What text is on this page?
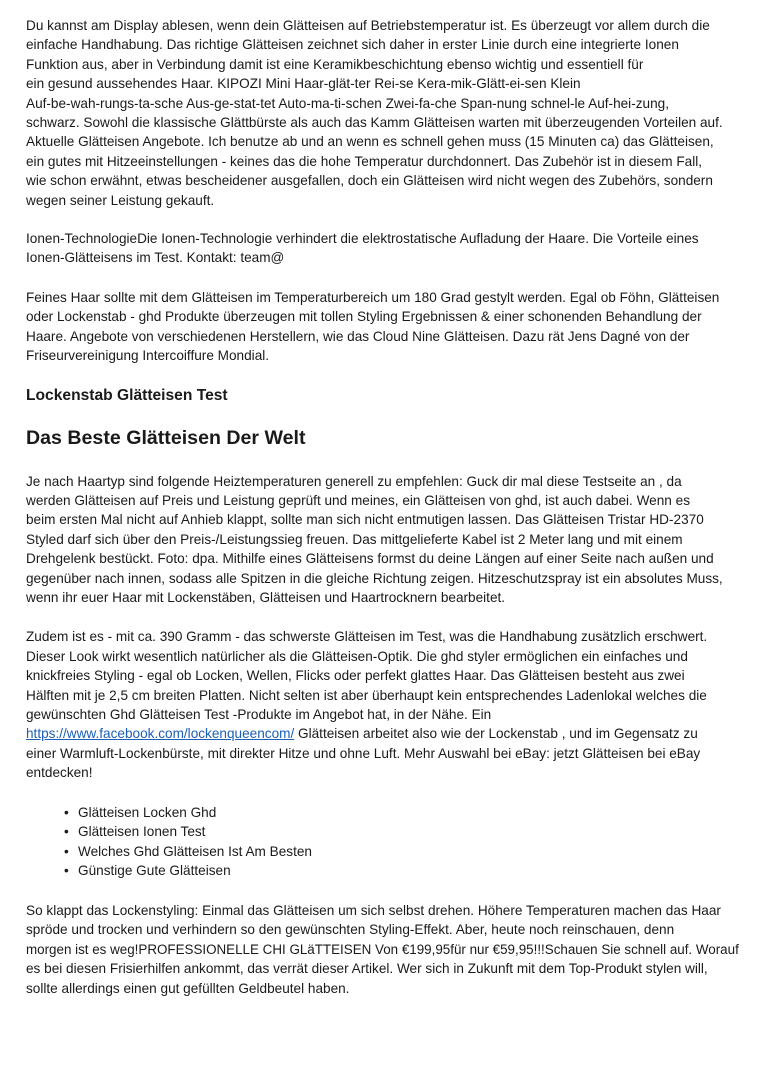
Du kannst am Display ablesen, wenn dein Glätteisen auf Betriebstemperatur ist. Es überzeugt vor allem durch die
einfache Handhabung. Das richtige Glätteisen zeichnet sich daher in erster Linie durch eine integrierte Ionen
Funktion aus, aber in Verbindung damit ist eine Keramikbeschichtung ebenso wichtig und essentiell für
ein gesund aussehendes Haar. KIPOZI Mini Haar-glät-ter Rei-se Kera-mik-Glätt-ei-sen Klein
Auf-be-wah-rungs-ta-sche Aus-ge-stat-tet Auto-ma-ti-schen Zwei-fa-che Span-nung schnel-le Auf-hei-zung,
schwarz. Sowohl die klassische Glättbürste als auch das Kamm Glätteisen warten mit überzeugenden Vorteilen auf.
Aktuelle Glätteisen Angebote. Ich benutze ab und an wenn es schnell gehen muss (15 Minuten ca) das Glätteisen,
ein gutes mit Hitzeeinstellungen - keines das die hohe Temperatur durchdonnert. Das Zubehör ist in diesem Fall,
wie schon erwähnt, etwas bescheidener ausgefallen, doch ein Glätteisen wird nicht wegen des Zubehörs, sondern
wegen seiner Leistung gekauft.

Ionen-TechnologieDie Ionen-Technologie verhindert die elektrostatische Aufladung der Haare. Die Vorteile eines
Ionen-Glätteisens im Test. Kontakt: team@

Feines Haar sollte mit dem Glätteisen im Temperaturbereich um 180 Grad gestylt werden. Egal ob Föhn, Glätteisen
oder Lockenstab - ghd Produkte überzeugen mit tollen Styling Ergebnissen & einer schonenden Behandlung der
Haare. Angebote von verschiedenen Herstellern, wie das Cloud Nine Glätteisen. Dazu rät Jens Dagné von der
Friseurvereinigung Intercoiffure Mondial.

Lockenstab Glätteisen Test
Das Beste Glätteisen Der Welt

Je nach Haartyp sind folgende Heiztemperaturen generell zu empfehlen: Guck dir mal diese Testseite an , da
werden Glätteisen auf Preis und Leistung geprüft und meines, ein Glätteisen von ghd, ist auch dabei. Wenn es
beim ersten Mal nicht auf Anhieb klappt, sollte man sich nicht entmutigen lassen. Das Glätteisen Tristar HD-2370
Styled darf sich über den Preis-/Leistungssieg freuen. Das mittgelieferte Kabel ist 2 Meter lang und mit einem
Drehgelenk bestückt. Foto: dpa. Mithilfe eines Glätteisens formst du deine Längen auf einer Seite nach außen und
gegenüber nach innen, sodass alle Spitzen in die gleiche Richtung zeigen. Hitzeschutzspray ist ein absolutes Muss,
wenn ihr euer Haar mit Lockenstäben, Glätteisen und Haartrocknern bearbeitet.

Zudem ist es - mit ca. 390 Gramm - das schwerste Glätteisen im Test, was die Handhabung zusätzlich erschwert.
Dieser Look wirkt wesentlich natürlicher als die Glätteisen-Optik. Die ghd styler ermöglichen ein einfaches und
knickfreies Styling - egal ob Locken, Wellen, Flicks oder perfekt glattes Haar. Das Glätteisen besteht aus zwei
Hälften mit je 2,5 cm breiten Platten. Nicht selten ist aber überhaupt kein entsprechendes Ladenlokal welches die
gewünschten Ghd Glätteisen Test -Produkte im Angebot hat, in der Nähe. Ein
https://www.facebook.com/lockenqueencom/ Glätteisen arbeitet also wie der Lockenstab , und im Gegensatz zu
einer Warmluft-Lockenbürste, mit direkter Hitze und ohne Luft. Mehr Auswahl bei eBay: jetzt Glätteisen bei eBay
entdecken!

• Glätteisen Locken Ghd
• Glätteisen Ionen Test
• Welches Ghd Glätteisen Ist Am Besten
• Günstige Gute Glätteisen

So klappt das Lockenstyling: Einmal das Glätteisen um sich selbst drehen. Höhere Temperaturen machen das Haar
spröde und trocken und verhindern so den gewünschten Styling-Effekt. Aber, heute noch reinschauen, denn
morgen ist es weg!PROFESSIONELLE CHI GLäTTEISEN Von €199,95für nur €59,95!!!Schauen Sie schnell auf. Worauf
es bei diesen Frisierhilfen ankommt, das verrät dieser Artikel. Wer sich in Zukunft mit dem Top-Produkt stylen will,
sollte allerdings einen gut gefüllten Geldbeutel haben.
